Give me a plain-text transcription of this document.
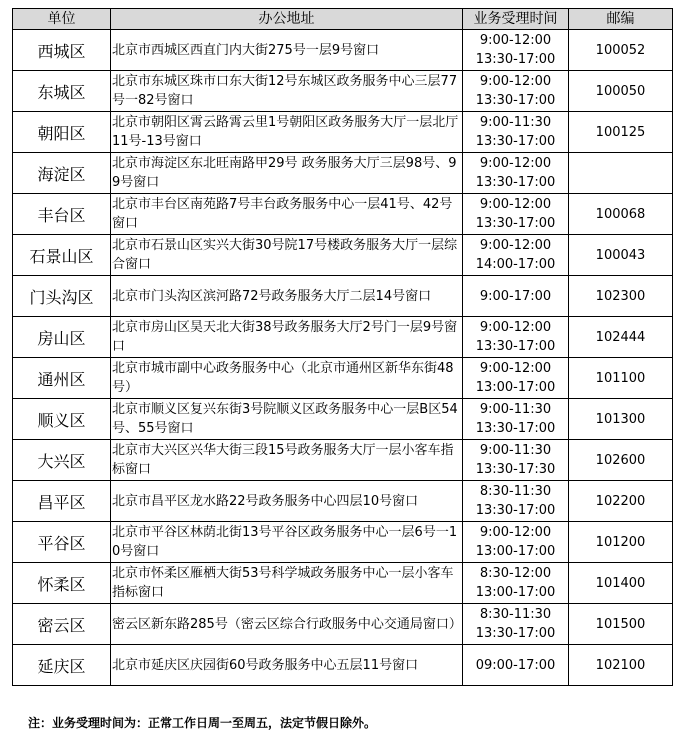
单位	办公地址	业务受理时间	邮编
西城区	北京市西城区西直门内大街275号一层9号窗口	9:00-12:00
13:30-17:00	100052
东城区	北京市东城区珠市口东大街12号东城区政务服务中心三层77号一82号窗口	9:00-12:00
13:30-17:00	100050
朝阳区	北京市朝阳区霄云路霄云里1号朝阳区政务服务大厅一层北厅11号-13号窗口	9:00-11:30
13:30-17:00	100125
海淀区	北京市海淀区东北旺南路甲29号 政务服务大厅三层98号、99号窗口	9:00-12:00
13:30-17:00	

丰台区	北京市丰台区南苑路7号丰台政务服务中心一层41号、42号窗口	9:00-12:00
13:30-17:00	100068
石景山区	北京市石景山区实兴大街30号院17号楼政务服务大厅一层综合窗口	9:00-12:00
14:00-17:00	100043
门头沟区	北京市门头沟区滨河路72号政务服务大厅二层14号窗口	9:00-17:00	102300
房山区	北京市房山区昊天北大街38号政务服务大厅2号门一层9号窗口	9:00-12:00
13:30-17:00	102444
通州区	北京市城市副中心政务服务中心（北京市通州区新华东街48号）	9:00-12:00
13:00-17:00	101100
顺义区	北京市顺义区复兴东街3号院顺义区政务服务中心一层B区54号、55号窗口	9:00-11:30
13:30-17:00	101300
大兴区	北京市大兴区兴华大街三段15号政务服务大厅一层小客车指标窗口	9:00-11:30
13:30-17:30	102600
昌平区	北京市昌平区龙水路22号政务服务中心四层10号窗口	8:30-11:30
13:30-17:00	102200
平谷区	北京市平谷区林荫北街13号平谷区政务服务中心一层6号一10号窗口	9:00-12:00
13:00-17:00	101200
怀柔区	北京市怀柔区雁栖大街53号科学城政务服务中心一层小客车指标窗口	8:30-12:00
13:00-17:00	101400
密云区	密云区新东路285号（密云区综合行政服务中心交通局窗口）	8:30-11:30
13:30-17:00	101500
延庆区	北京市延庆区庆园街60号政务服务中心五层11号窗口	09:00-17:00	102100
注：业务受理时间为：正常工作日周一至周五，法定节假日除外。
